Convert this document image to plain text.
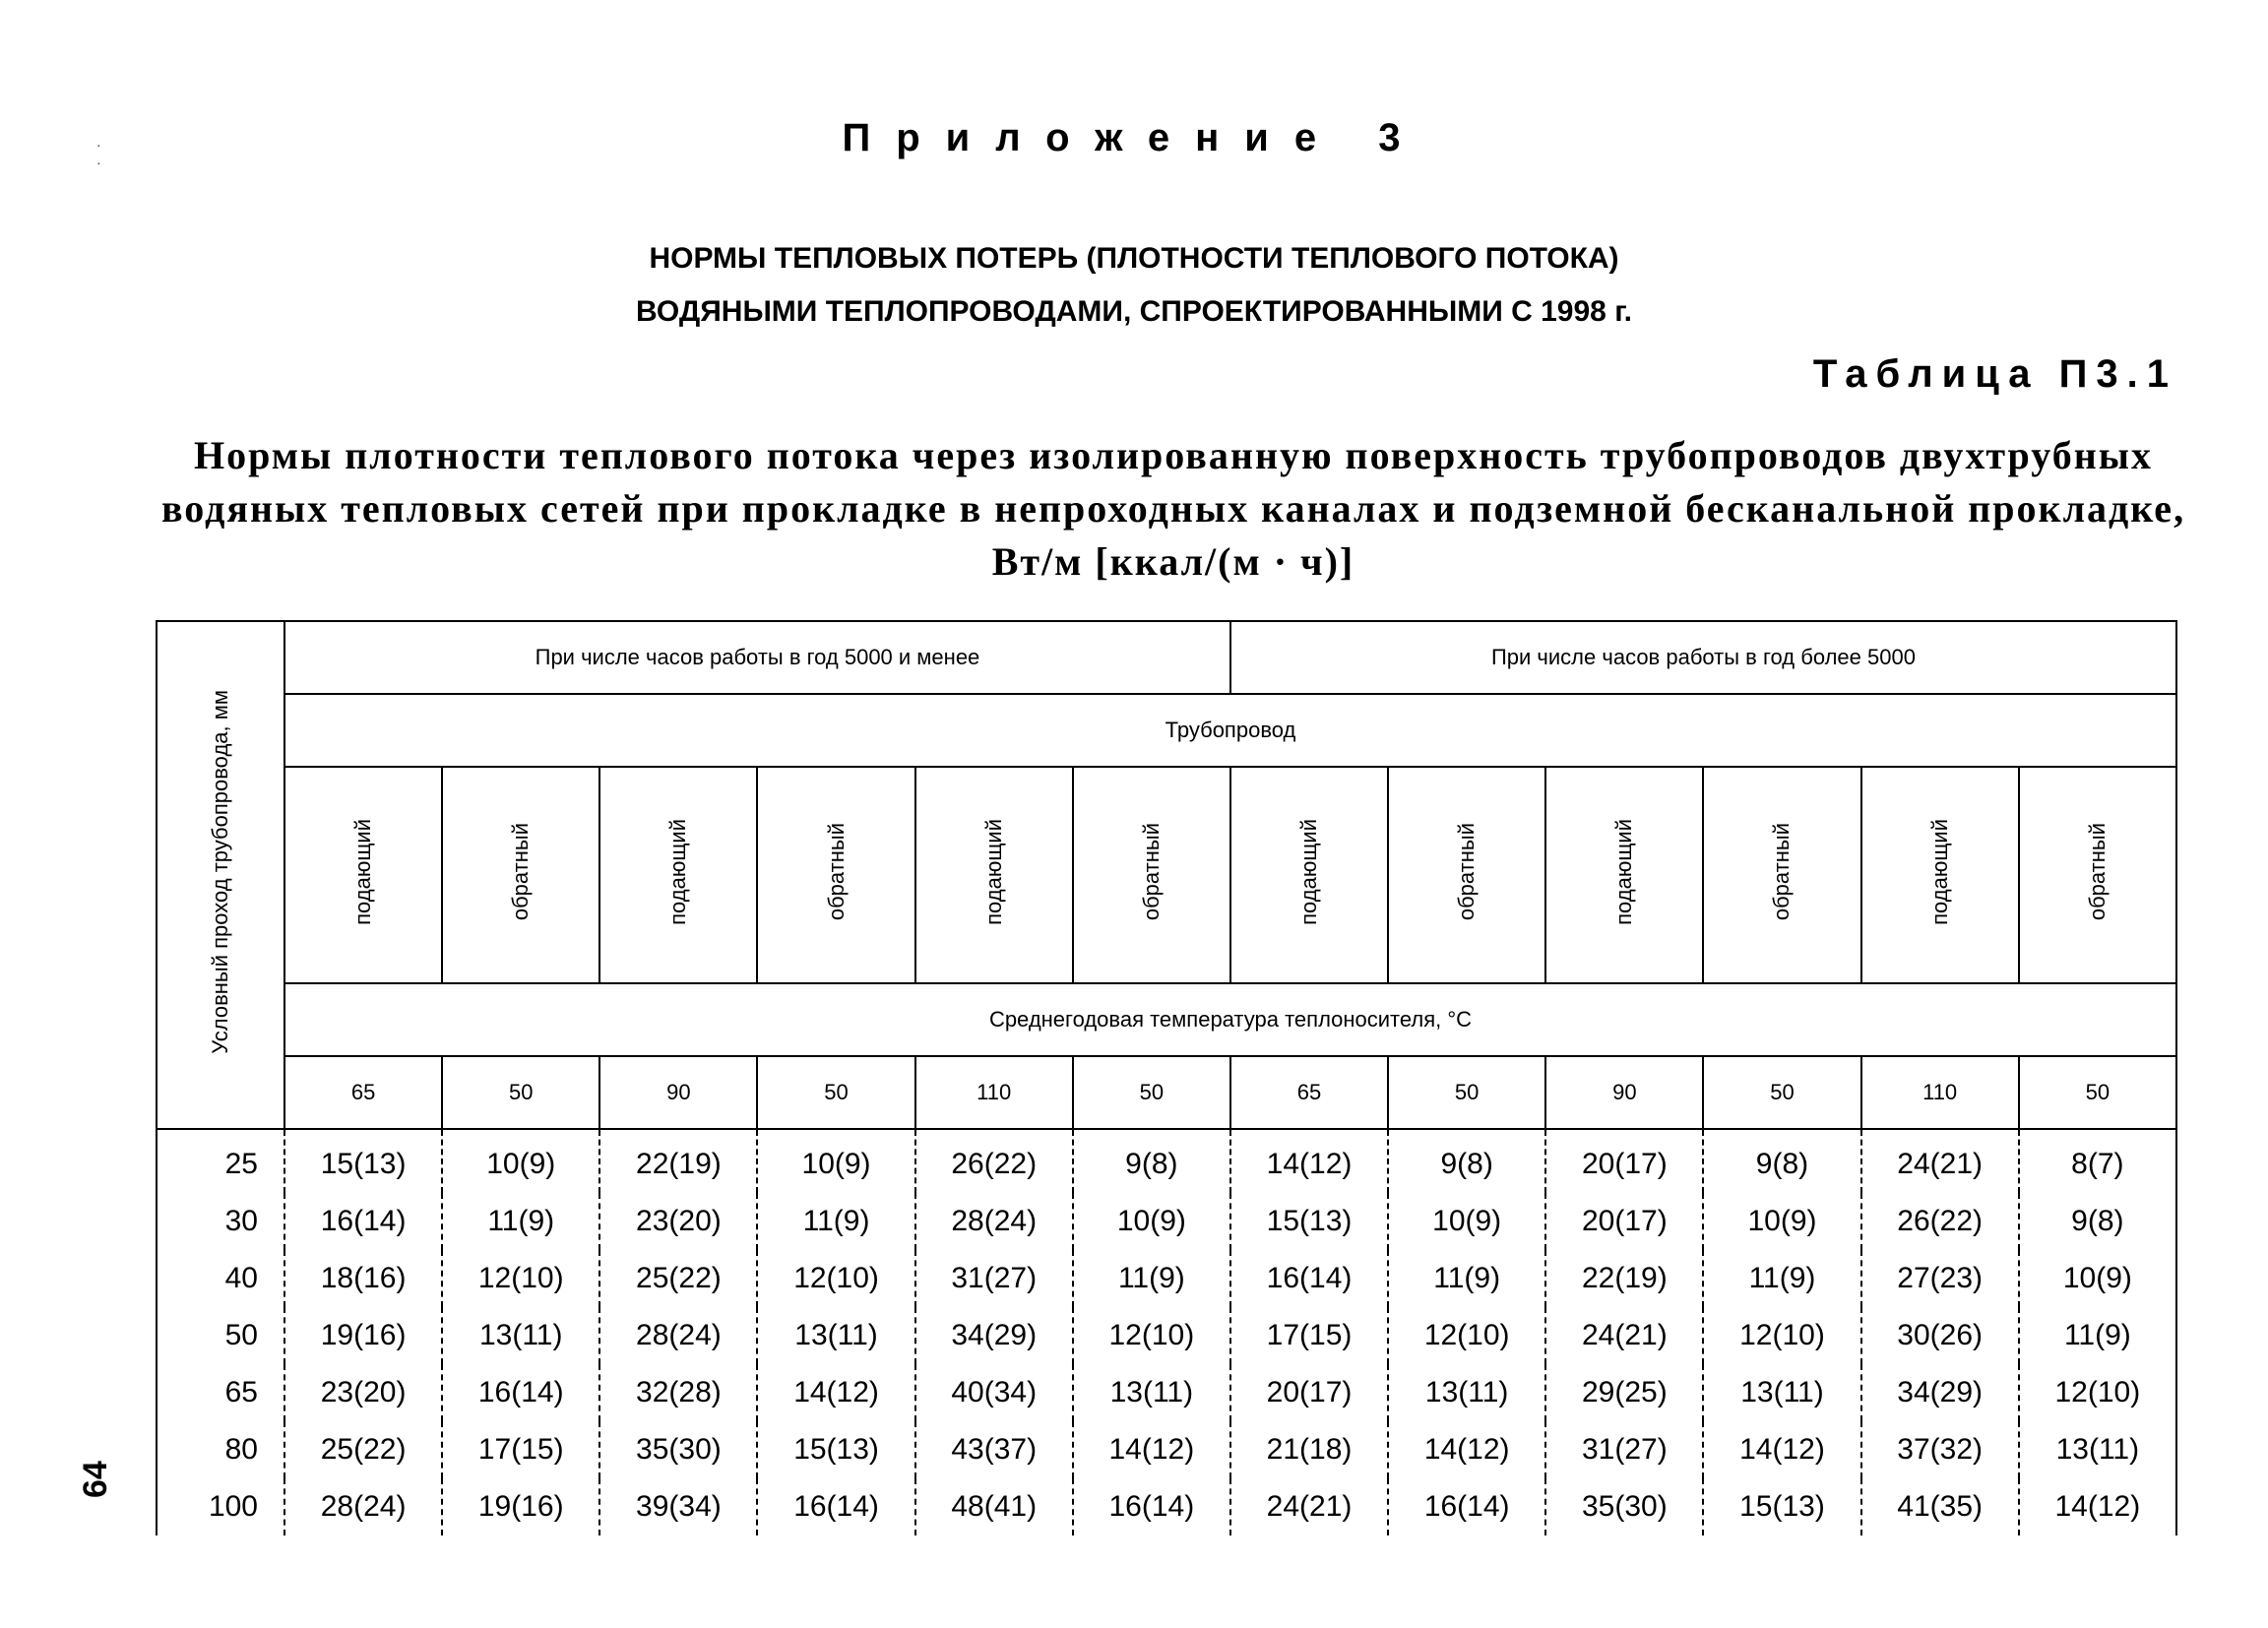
·
·
Приложение 3
НОРМЫ ТЕПЛОВЫХ ПОТЕРЬ (ПЛОТНОСТИ ТЕПЛОВОГО ПОТОКА)
ВОДЯНЫМИ ТЕПЛОПРОВОДАМИ, СПРОЕКТИРОВАННЫМИ С 1998 г.
Таблица П3.1
Нормы плотности теплового потока через изолированную поверхность трубопроводов двухтрубных водяных тепловых сетей при прокладке в непроходных каналах и подземной бесканальной прокладке, Вт/м [ккал/(м · ч)]
Условный проход трубопровода, мм	При числе часов работы в год 5000 и менее						При числе часов работы в год более 5000					
	Трубопровод											
	подающий	обратный	подающий	обратный	подающий	обратный	подающий	обратный	подающий	обратный	подающий	обратный
	Среднегодовая температура теплоносителя, °С											
	65	50	90	50	110	50	65	50	90	50	110	50
25	15(13)	10(9)	22(19)	10(9)	26(22)	9(8)	14(12)	9(8)	20(17)	9(8)	24(21)	8(7)
30	16(14)	11(9)	23(20)	11(9)	28(24)	10(9)	15(13)	10(9)	20(17)	10(9)	26(22)	9(8)
40	18(16)	12(10)	25(22)	12(10)	31(27)	11(9)	16(14)	11(9)	22(19)	11(9)	27(23)	10(9)
50	19(16)	13(11)	28(24)	13(11)	34(29)	12(10)	17(15)	12(10)	24(21)	12(10)	30(26)	11(9)
65	23(20)	16(14)	32(28)	14(12)	40(34)	13(11)	20(17)	13(11)	29(25)	13(11)	34(29)	12(10)
80	25(22)	17(15)	35(30)	15(13)	43(37)	14(12)	21(18)	14(12)	31(27)	14(12)	37(32)	13(11)
100	28(24)	19(16)	39(34)	16(14)	48(41)	16(14)	24(21)	16(14)	35(30)	15(13)	41(35)	14(12)
64
